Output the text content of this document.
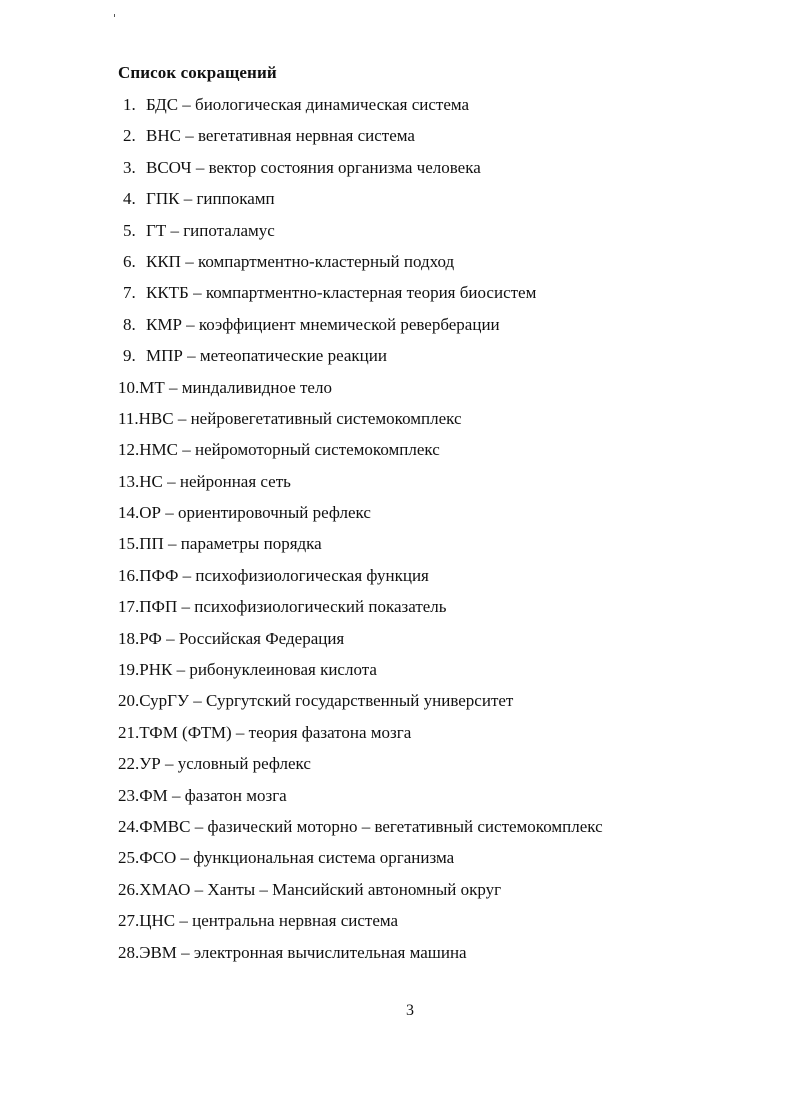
Список сокращений
1. БДС – биологическая динамическая система
2. ВНС – вегетативная нервная система
3. ВСОЧ – вектор состояния организма человека
4. ГПК – гиппокамп
5. ГТ – гипоталамус
6. ККП – компартментно-кластерный подход
7. ККТБ – компартментно-кластерная теория биосистем
8. КМР – коэффициент мнемической реверберации
9. МПР – метеопатические реакции
10. МТ – миндаливидное тело
11. НВС – нейровегетативный системокомплекс
12. НМС – нейромоторный системокомплекс
13. НС – нейронная сеть
14. ОР – ориентировочный рефлекс
15. ПП – параметры порядка
16. ПФФ – психофизиологическая функция
17. ПФП – психофизиологический показатель
18. РФ – Российская Федерация
19. РНК – рибонуклеиновая кислота
20. СурГУ – Сургутский государственный университет
21. ТФМ (ФТМ) – теория фазатона мозга
22. УР – условный рефлекс
23. ФМ – фазатон мозга
24. ФМВС – фазический моторно – вегетативный системокомплекс
25. ФСО – функциональная система организма
26. ХМАО – Ханты – Мансийский автономный округ
27. ЦНС – центральна нервная система
28. ЭВМ – электронная вычислительная машина
3
